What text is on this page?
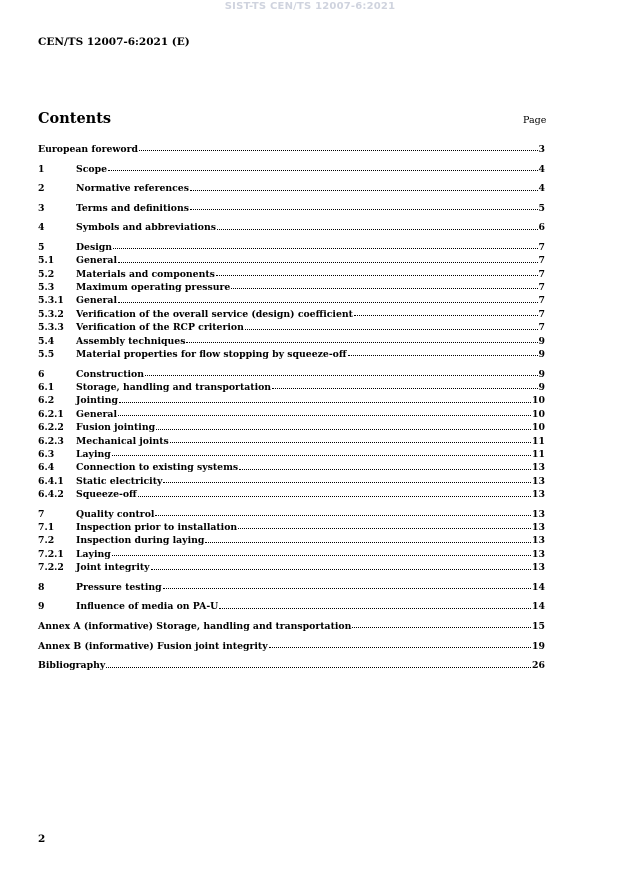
SIST-TS CEN/TS 12007-6:2021
CEN/TS 12007-6:2021 (E)
Contents	Page
European foreword	3
1	Scope	4
2	Normative references	4
3	Terms and definitions	5
4	Symbols and abbreviations	6
5	Design	7
5.1	General	7
5.2	Materials and components	7
5.3	Maximum operating pressure	7
5.3.1	General	7
5.3.2	Verification of the overall service (design) coefficient	7
5.3.3	Verification of the RCP criterion	7
5.4	Assembly techniques	9
5.5	Material properties for flow stopping by squeeze-off	9
6	Construction	9
6.1	Storage, handling and transportation	9
6.2	Jointing	10
6.2.1	General	10
6.2.2	Fusion jointing	10
6.2.3	Mechanical joints	11
6.3	Laying	11
6.4	Connection to existing systems	13
6.4.1	Static electricity	13
6.4.2	Squeeze-off	13
7	Quality control	13
7.1	Inspection prior to installation	13
7.2	Inspection during laying	13
7.2.1	Laying	13
7.2.2	Joint integrity	13
8	Pressure testing	14
9	Influence of media on PA-U	14
Annex A (informative) Storage, handling and transportation	15
Annex B (informative) Fusion joint integrity	19
Bibliography	26
2
